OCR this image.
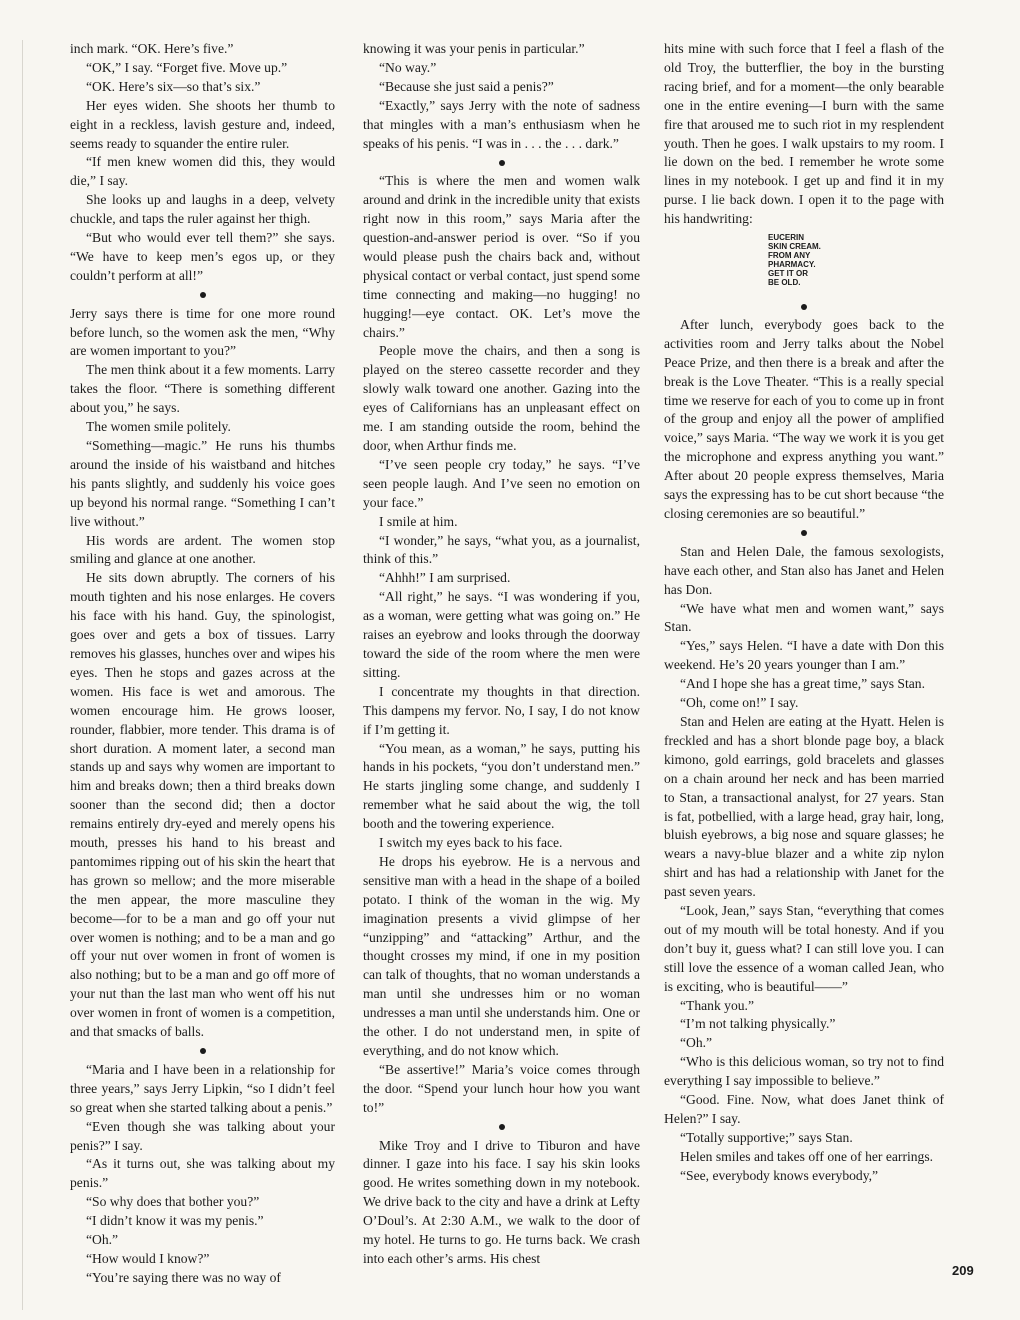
inch mark. “OK. Here’s five.”

“OK,” I say. “Forget five. Move up.”

“OK. Here’s six—so that’s six.”

Her eyes widen. She shoots her thumb to eight in a reckless, lavish gesture and, indeed, seems ready to squander the entire ruler.

“If men knew women did this, they would die,” I say.

She looks up and laughs in a deep, velvety chuckle, and taps the ruler against her thigh.

“But who would ever tell them?” she says. “We have to keep men’s egos up, or they couldn’t perform at all!”

Jerry says there is time for one more round before lunch, so the women ask the men, “Why are women important to you?”

The men think about it a few moments. Larry takes the floor. “There is something different about you,” he says.

The women smile politely.

“Something—magic.” He runs his thumbs around the inside of his waistband and hitches his pants slightly, and suddenly his voice goes up beyond his normal range. “Something I can’t live without.”

His words are ardent. The women stop smiling and glance at one another.

He sits down abruptly. The corners of his mouth tighten and his nose enlarges. He covers his face with his hand. Guy, the spinologist, goes over and gets a box of tissues. Larry removes his glasses, hunches over and wipes his eyes. Then he stops and gazes across at the women. His face is wet and amorous. The women encourage him. He grows looser, rounder, flabbier, more tender. This drama is of short duration. A moment later, a second man stands up and says why women are important to him and breaks down; then a third breaks down sooner than the second did; then a doctor remains entirely dry-eyed and merely opens his mouth, presses his hand to his breast and pantomimes ripping out of his skin the heart that has grown so mellow; and the more miserable the men appear, the more masculine they become—for to be a man and go off your nut over women is nothing; and to be a man and go off your nut over women in front of women is also nothing; but to be a man and go off more of your nut than the last man who went off his nut over women in front of women is a competition, and that smacks of balls.

“Maria and I have been in a relationship for three years,” says Jerry Lipkin, “so I didn’t feel so great when she started talking about a penis.”

“Even though she was talking about your penis?” I say.

“As it turns out, she was talking about my penis.”

“So why does that bother you?”

“I didn’t know it was my penis.”

“Oh.”

“How would I know?”

“You’re saying there was no way of

knowing it was your penis in particular.”

“No way.”

“Because she just said a penis?”

“Exactly,” says Jerry with the note of sadness that mingles with a man’s enthusiasm when he speaks of his penis. “I was in . . . the . . . dark.”

“This is where the men and women walk around and drink in the incredible unity that exists right now in this room,” says Maria after the question-and-answer period is over. “So if you would please push the chairs back and, without physical contact or verbal contact, just spend some time connecting and making—no hugging! no hugging!—eye contact. OK. Let’s move the chairs.”

People move the chairs, and then a song is played on the stereo cassette recorder and they slowly walk toward one another. Gazing into the eyes of Californians has an unpleasant effect on me. I am standing outside the room, behind the door, when Arthur finds me.

“I’ve seen people cry today,” he says. “I’ve seen people laugh. And I’ve seen no emotion on your face.”

I smile at him.

“I wonder,” he says, “what you, as a journalist, think of this.”

“Ahhh!” I am surprised.

“All right,” he says. “I was wondering if you, as a woman, were getting what was going on.” He raises an eyebrow and looks through the doorway toward the side of the room where the men were sitting.

I concentrate my thoughts in that direction. This dampens my fervor. No, I say, I do not know if I’m getting it.

“You mean, as a woman,” he says, putting his hands in his pockets, “you don’t understand men.” He starts jingling some change, and suddenly I remember what he said about the wig, the toll booth and the towering experience.

I switch my eyes back to his face.

He drops his eyebrow. He is a nervous and sensitive man with a head in the shape of a boiled potato. I think of the woman in the wig. My imagination presents a vivid glimpse of her “unzipping” and “attacking” Arthur, and the thought crosses my mind, if one in my position can talk of thoughts, that no woman understands a man until she undresses him or no woman undresses a man until she understands him. One or the other. I do not understand men, in spite of everything, and do not know which.

“Be assertive!” Maria’s voice comes through the door. “Spend your lunch hour how you want to!”

Mike Troy and I drive to Tiburon and have dinner. I gaze into his face. I say his skin looks good. He writes something down in my notebook. We drive back to the city and have a drink at Lefty O’Doul’s. At 2:30 A.M., we walk to the door of my hotel. He turns to go. He turns back. We crash into each other’s arms. His chest

hits mine with such force that I feel a flash of the old Troy, the butterflier, the boy in the bursting racing brief, and for a moment—the only bearable one in the entire evening—I burn with the same fire that aroused me to such riot in my resplendent youth. Then he goes. I walk upstairs to my room. I lie down on the bed. I remember he wrote some lines in my notebook. I get up and find it in my purse. I lie back down. I open it to the page with his handwriting:

EUCERIN
SKIN CREAM.
FROM ANY
PHARMACY.
GET IT OR
BE OLD.

After lunch, everybody goes back to the activities room and Jerry talks about the Nobel Peace Prize, and then there is a break and after the break is the Love Theater. “This is a really special time we reserve for each of you to come up in front of the group and enjoy all the power of amplified voice,” says Maria. “The way we work it is you get the microphone and express anything you want.” After about 20 people express themselves, Maria says the expressing has to be cut short because “the closing ceremonies are so beautiful.”

Stan and Helen Dale, the famous sexologists, have each other, and Stan also has Janet and Helen has Don.

“We have what men and women want,” says Stan.

“Yes,” says Helen. “I have a date with Don this weekend. He’s 20 years younger than I am.”

“And I hope she has a great time,” says Stan.

“Oh, come on!” I say.

Stan and Helen are eating at the Hyatt. Helen is freckled and has a short blonde page boy, a black kimono, gold earrings, gold bracelets and glasses on a chain around her neck and has been married to Stan, a transactional analyst, for 27 years. Stan is fat, potbellied, with a large head, gray hair, long, bluish eyebrows, a big nose and square glasses; he wears a navy-blue blazer and a white zip nylon shirt and has had a relationship with Janet for the past seven years.

“Look, Jean,” says Stan, “everything that comes out of my mouth will be total honesty. And if you don’t buy it, guess what? I can still love you. I can still love the essence of a woman called Jean, who is exciting, who is beautiful——”

“Thank you.”

“I’m not talking physically.”

“Oh.”

“Who is this delicious woman, so try not to find everything I say impossible to believe.”

“Good. Fine. Now, what does Janet think of Helen?” I say.

“Totally supportive;” says Stan.

Helen smiles and takes off one of her earrings.

“See, everybody knows everybody,”

209
